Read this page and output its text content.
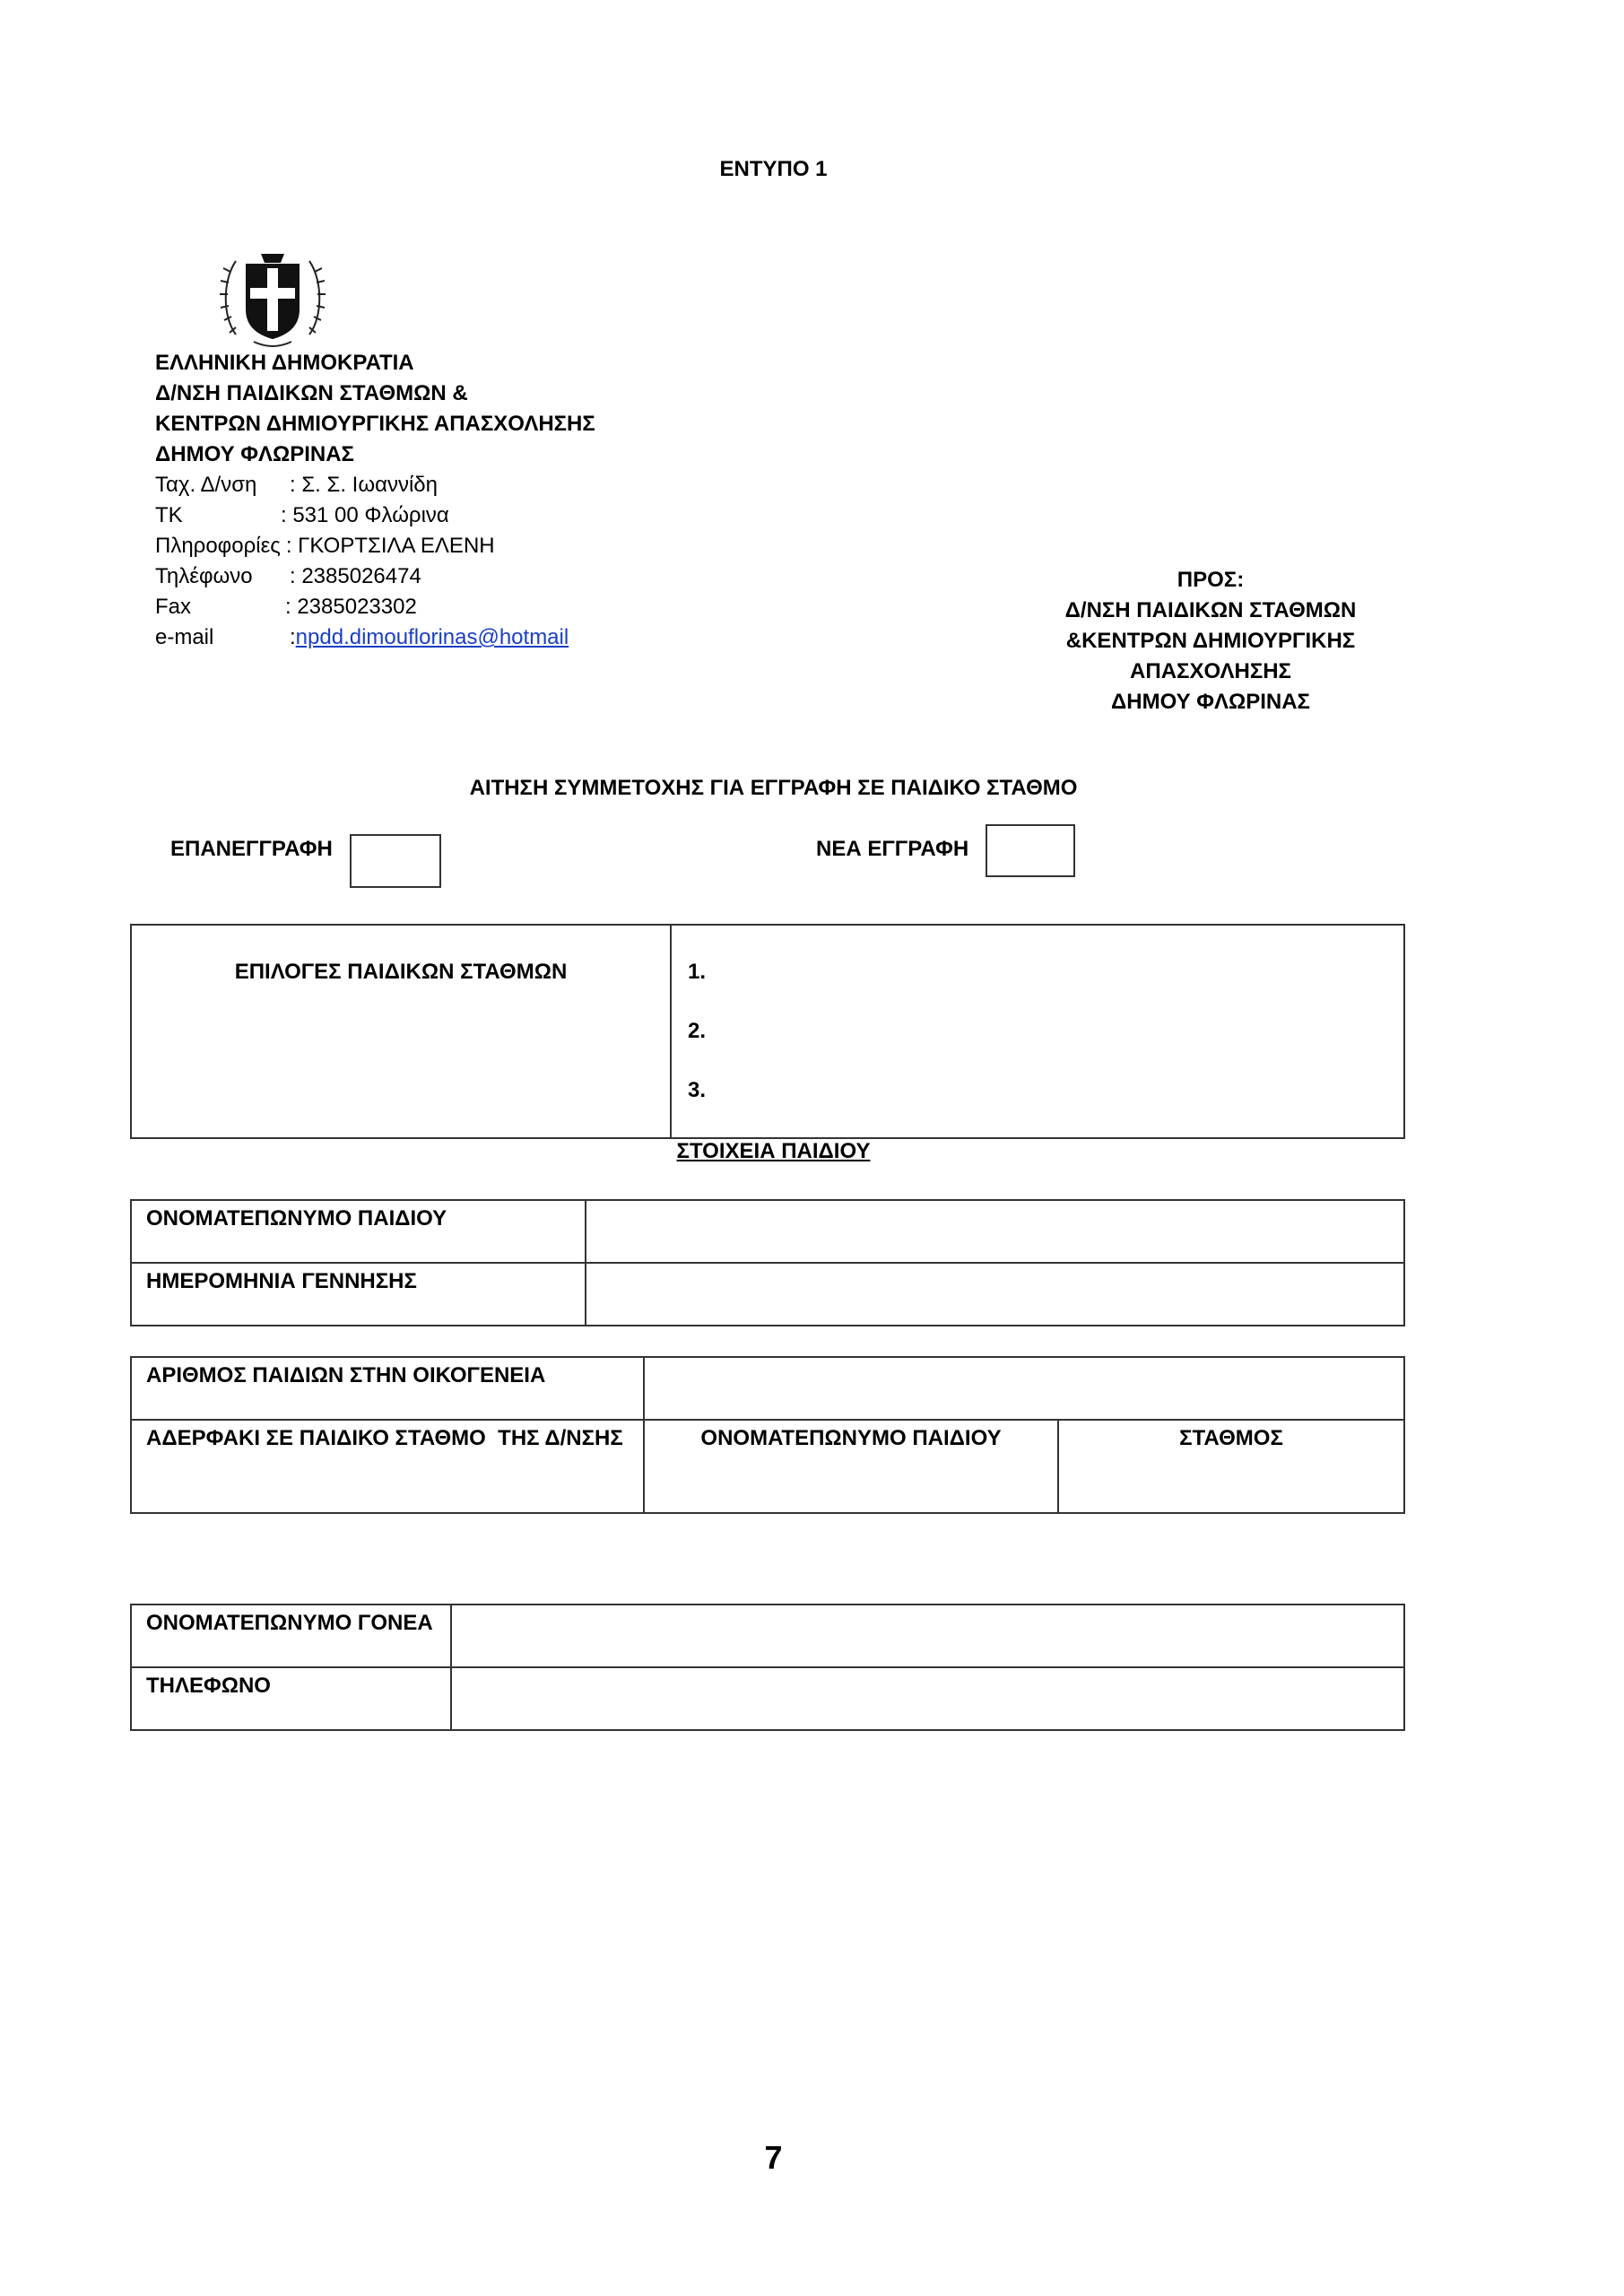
ΕΝΤΥΠΟ 1
ΕΛΛΗΝΙΚΗ ΔΗΜΟΚΡΑΤΙΑ
Δ/ΝΣΗ ΠΑΙΔΙΚΩΝ ΣΤΑΘΜΩΝ &
ΚΕΝΤΡΩΝ ΔΗΜΙΟΥΡΓΙΚΗΣ ΑΠΑΣΧΟΛΗΣΗΣ
ΔΗΜΟΥ ΦΛΩΡΙΝΑΣ
Ταχ. Δ/νση	: Σ. Σ. Ιωαννίδη
ΤΚ	: 531 00 Φλώρινα
Πληροφορίες : ΓΚΟΡΤΣΙΛΑ ΕΛΕΝΗ
Τηλέφωνο	: 2385026474
Fax	: 2385023302
e-mail	: npdd.dimouflorinas@hotmail
ΠΡΟΣ:
Δ/ΝΣΗ ΠΑΙΔΙΚΩΝ ΣΤΑΘΜΩΝ
&ΚΕΝΤΡΩΝ ΔΗΜΙΟΥΡΓΙΚΗΣ
ΑΠΑΣΧΟΛΗΣΗΣ
ΔΗΜΟΥ ΦΛΩΡΙΝΑΣ
ΑΙΤΗΣΗ ΣΥΜΜΕΤΟΧΗΣ ΓΙΑ ΕΓΓΡΑΦΗ ΣΕ ΠΑΙΔΙΚΟ ΣΤΑΘΜΟ
ΕΠΑΝΕΓΓΡΑΦΗ	ΝΕΑ ΕΓΓΡΑΦΗ
ΕΠΙΛΟΓΕΣ ΠΑΙΔΙΚΩΝ ΣΤΑΘΜΩΝ	1.
2.
3.
ΣΤΟΙΧΕΙΑ ΠΑΙΔΙΟΥ
ΟΝΟΜΑΤΕΠΩΝΥΜΟ ΠΑΙΔΙΟΥ	

ΗΜΕΡΟΜΗΝΙΑ ΓΕΝΝΗΣΗΣ	

ΑΡΙΘΜΟΣ ΠΑΙΔΙΩΝ ΣΤΗΝ ΟΙΚΟΓΕΝΕΙΑ		

ΑΔΕΡΦΑΚΙ ΣΕ ΠΑΙΔΙΚΟ ΣΤΑΘΜΟ  ΤΗΣ Δ/ΝΣΗΣ	ΟΝΟΜΑΤΕΠΩΝΥΜΟ ΠΑΙΔΙΟΥ	ΣΤΑΘΜΟΣ
ΟΝΟΜΑΤΕΠΩΝΥΜΟ ΓΟΝΕΑ	

ΤΗΛΕΦΩΝΟ	

7
